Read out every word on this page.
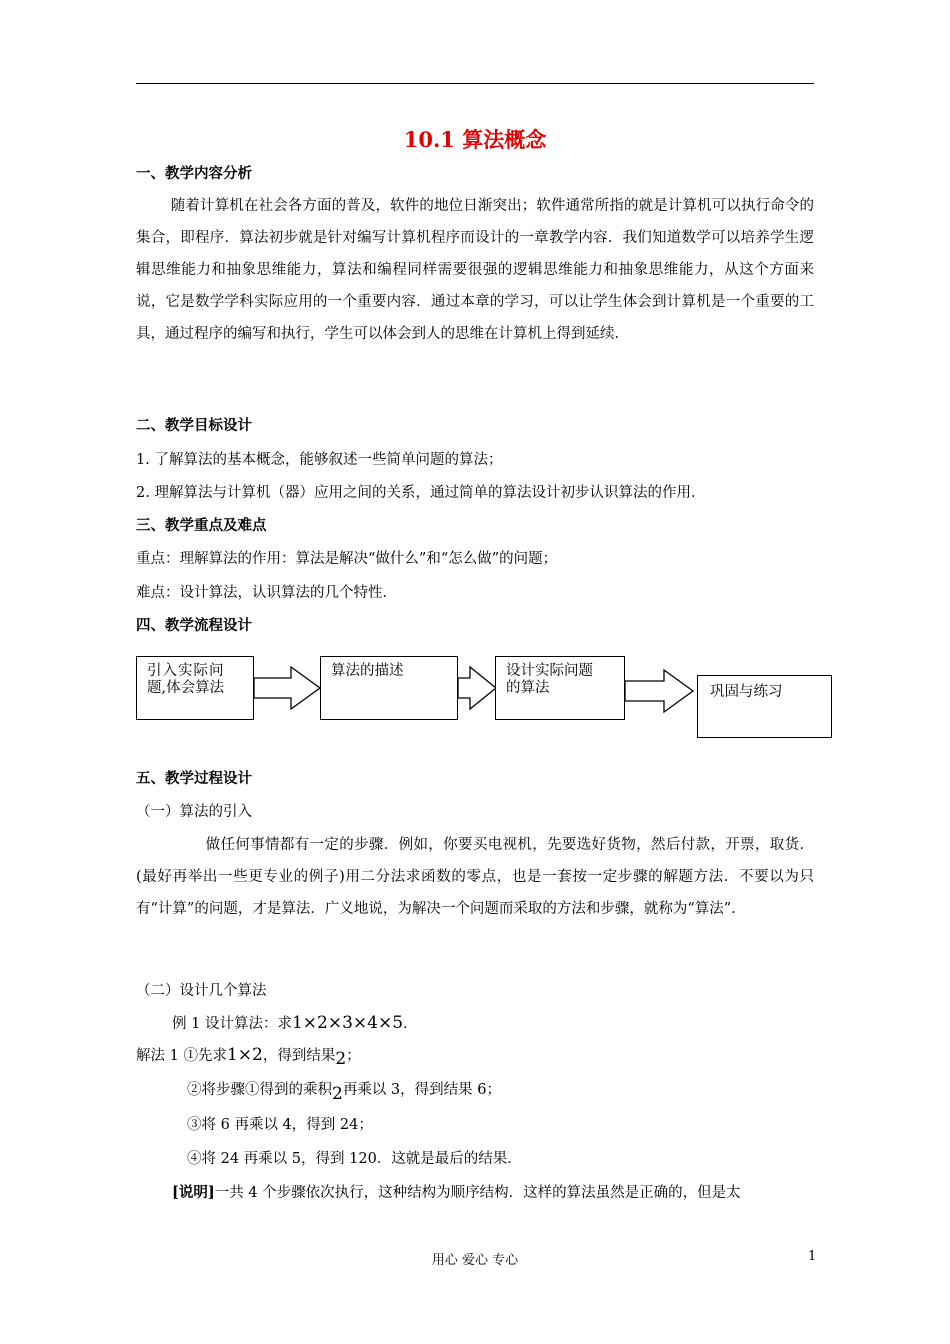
10.1 算法概念
一、教学内容分析
随着计算机在社会各方面的普及，软件的地位日渐突出；软件通常所指的就是计算机可以执行命令的集合，即程序．算法初步就是针对编写计算机程序而设计的一章教学内容．我们知道数学可以培养学生逻辑思维能力和抽象思维能力，算法和编程同样需要很强的逻辑思维能力和抽象思维能力，从这个方面来说，它是数学学科实际应用的一个重要内容．通过本章的学习，可以让学生体会到计算机是一个重要的工具，通过程序的编写和执行，学生可以体会到人的思维在计算机上得到延续．
二、教学目标设计
1. 了解算法的基本概念，能够叙述一些简单问题的算法；
2. 理解算法与计算机（器）应用之间的关系，通过简单的算法设计初步认识算法的作用．
三、教学重点及难点
重点：理解算法的作用：算法是解决“做什么”和“怎么做”的问题；
难点：设计算法，认识算法的几个特性．
四、教学流程设计
引入实际问
题,体会算法
算法的描述	设计实际问题
的算法	巩固与练习
五、教学过程设计
（一）算法的引入
做任何事情都有一定的步骤．例如，你要买电视机，先要选好货物，然后付款，开票，取货．(最好再举出一些更专业的例子)用二分法求函数的零点，也是一套按一定步骤的解题方法．不要以为只有“计算”的问题，才是算法．广义地说，为解决一个问题而采取的方法和步骤，就称为“算法”．
（二）设计几个算法
例 1 设计算法：求1×2×3×4×5．
解法 1 ①先求1×2，得到结果2；
②将步骤①得到的乘积2再乘以 3，得到结果 6；
③将 6 再乘以 4，得到 24；
④将 24 再乘以 5，得到 120．这就是最后的结果．
[说明]一共 4 个步骤依次执行，这种结构为顺序结构．这样的算法虽然是正确的，但是太
用心 爱心 专心	1
